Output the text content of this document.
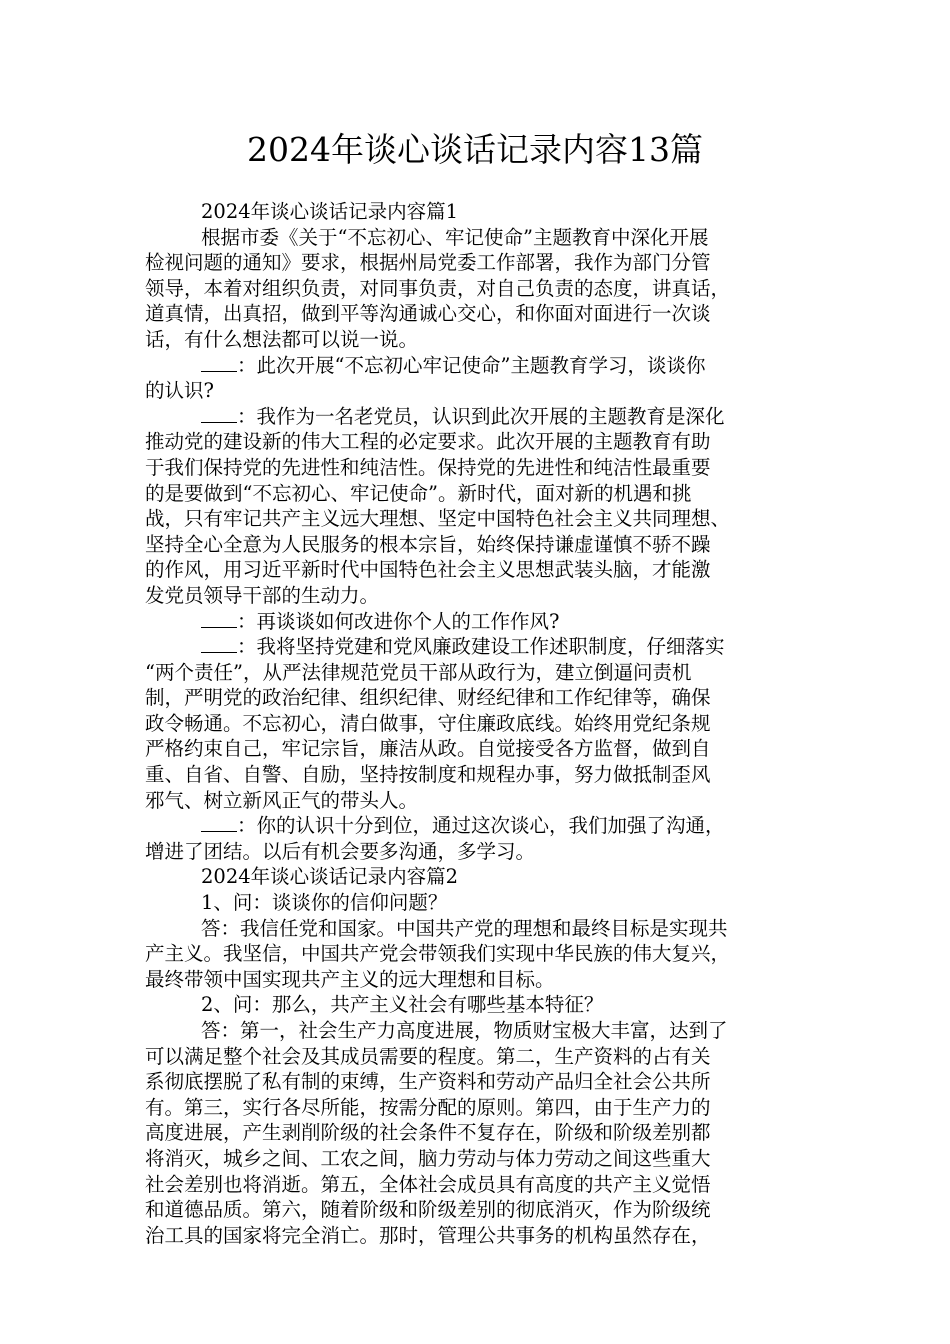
2024年谈心谈话记录内容13篇
2024年谈心谈话记录内容篇1
根据市委《关于“不忘初心、牢记使命”主题教育中深化开展
检视问题的通知》要求，根据州局党委工作部署，我作为部门分管
领导，本着对组织负责，对同事负责，对自己负责的态度，讲真话，
道真情，出真招，做到平等沟通诚心交心，和你面对面进行一次谈
话，有什么想法都可以说一说。
：此次开展“不忘初心牢记使命”主题教育学习，谈谈你
的认识?
：我作为一名老党员，认识到此次开展的主题教育是深化
推动党的建设新的伟大工程的必定要求。此次开展的主题教育有助
于我们保持党的先进性和纯洁性。保持党的先进性和纯洁性最重要
的是要做到“不忘初心、牢记使命”。新时代，面对新的机遇和挑
战，只有牢记共产主义远大理想、坚定中国特色社会主义共同理想、
坚持全心全意为人民服务的根本宗旨，始终保持谦虚谨慎不骄不躁
的作风，用习近平新时代中国特色社会主义思想武装头脑，才能激
发党员领导干部的生动力。
：再谈谈如何改进你个人的工作作风?
：我将坚持党建和党风廉政建设工作述职制度，仔细落实
“两个责任”，从严法律规范党员干部从政行为，建立倒逼问责机
制，严明党的政治纪律、组织纪律、财经纪律和工作纪律等，确保
政令畅通。不忘初心，清白做事，守住廉政底线。始终用党纪条规
严格约束自己，牢记宗旨，廉洁从政。自觉接受各方监督，做到自
重、自省、自警、自励，坚持按制度和规程办事，努力做抵制歪风
邪气、树立新风正气的带头人。
：你的认识十分到位，通过这次谈心，我们加强了沟通，
增进了团结。以后有机会要多沟通，多学习。
2024年谈心谈话记录内容篇2
1、问：谈谈你的信仰问题？
答：我信任党和国家。中国共产党的理想和最终目标是实现共
产主义。我坚信，中国共产党会带领我们实现中华民族的伟大复兴，
最终带领中国实现共产主义的远大理想和目标。
2、问：那么，共产主义社会有哪些基本特征？
答：第一，社会生产力高度进展，物质财宝极大丰富，达到了
可以满足整个社会及其成员需要的程度。第二，生产资料的占有关
系彻底摆脱了私有制的束缚，生产资料和劳动产品归全社会公共所
有。第三，实行各尽所能，按需分配的原则。第四，由于生产力的
高度进展，产生剥削阶级的社会条件不复存在，阶级和阶级差别都
将消灭，城乡之间、工农之间，脑力劳动与体力劳动之间这些重大
社会差别也将消逝。第五，全体社会成员具有高度的共产主义觉悟
和道德品质。第六，随着阶级和阶级差别的彻底消灭，作为阶级统
治工具的国家将完全消亡。那时，管理公共事务的机构虽然存在，
